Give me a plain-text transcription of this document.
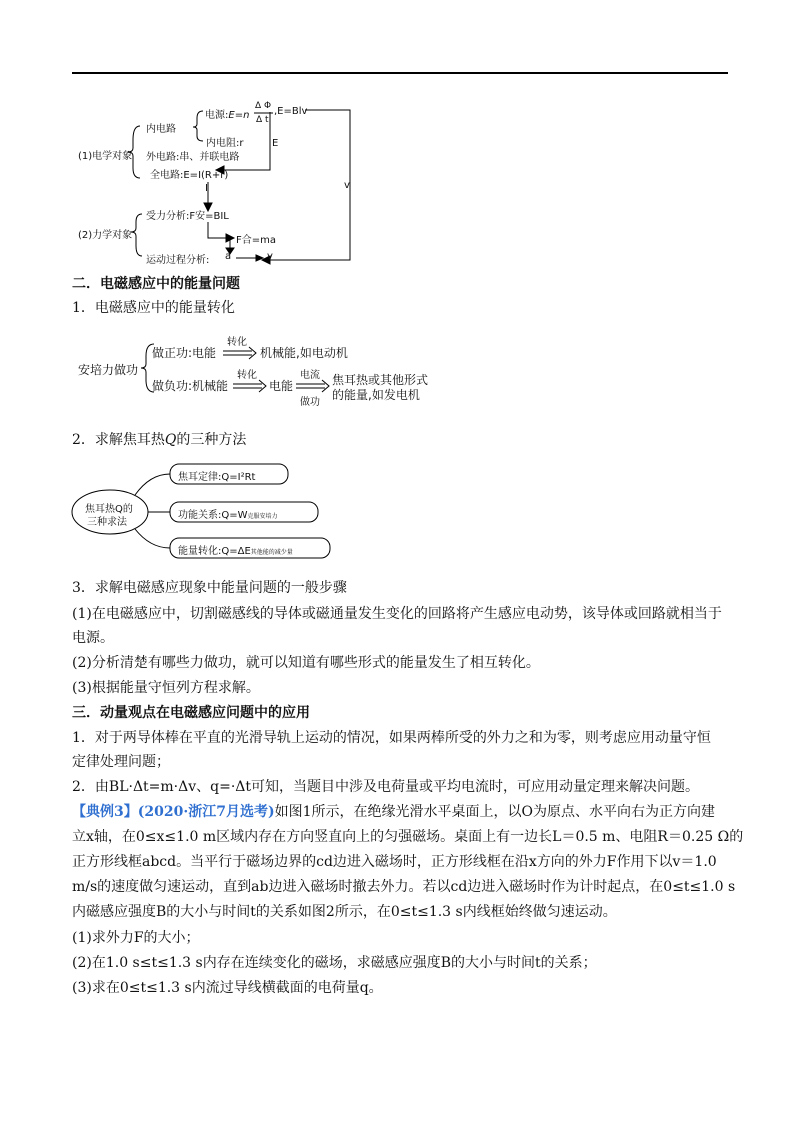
(1)电学对象
内电路
电源:E=n
Δ Φ
Δ t
,E=Blv
内电阻:r	E
外电路:串、并联电路
全电路:E=I(R+r)
I	v
(2)力学对象
受力分析:F安=BIL
F合=ma
运动过程分析: a	v
二．电磁感应中的能量问题
1．电磁感应中的能量转化
安培力做功
做正功:电能
转化
机械能,如电动机
做负功:机械能
转化
电能
电流
做功
焦耳热或其他形式
的能量,如发电机
2．求解焦耳热Q的三种方法
焦耳热Q的
三种求法
焦耳定律:Q=I²Rt
功能关系:Q=W克服安培力
能量转化:Q=ΔE其他能的减少量
3．求解电磁感应现象中能量问题的一般步骤
(1)在电磁感应中，切割磁感线的导体或磁通量发生变化的回路将产生感应电动势，该导体或回路就相当于
电源。
(2)分析清楚有哪些力做功，就可以知道有哪些形式的能量发生了相互转化。
(3)根据能量守恒列方程求解。
三．动量观点在电磁感应问题中的应用
1．对于两导体棒在平直的光滑导轨上运动的情况，如果两棒所受的外力之和为零，则考虑应用动量守恒
定律处理问题；
2．由BL·Δt=m·Δv、q=·Δt可知，当题目中涉及电荷量或平均电流时，可应用动量定理来解决问题。
【典例3】(2020·浙江7月选考)如图1所示，在绝缘光滑水平桌面上，以O为原点、水平向右为正方向建
立x轴，在0≤x≤1.0 m区域内存在方向竖直向上的匀强磁场。桌面上有一边长L＝0.5 m、电阻R＝0.25 Ω的
正方形线框abcd。当平行于磁场边界的cd边进入磁场时，正方形线框在沿x方向的外力F作用下以v＝1.0
m/s的速度做匀速运动，直到ab边进入磁场时撤去外力。若以cd边进入磁场时作为计时起点，在0≤t≤1.0 s
内磁感应强度B的大小与时间t的关系如图2所示，在0≤t≤1.3 s内线框始终做匀速运动。
(1)求外力F的大小；
(2)在1.0 s≤t≤1.3 s内存在连续变化的磁场，求磁感应强度B的大小与时间t的关系；
(3)求在0≤t≤1.3 s内流过导线横截面的电荷量q。
